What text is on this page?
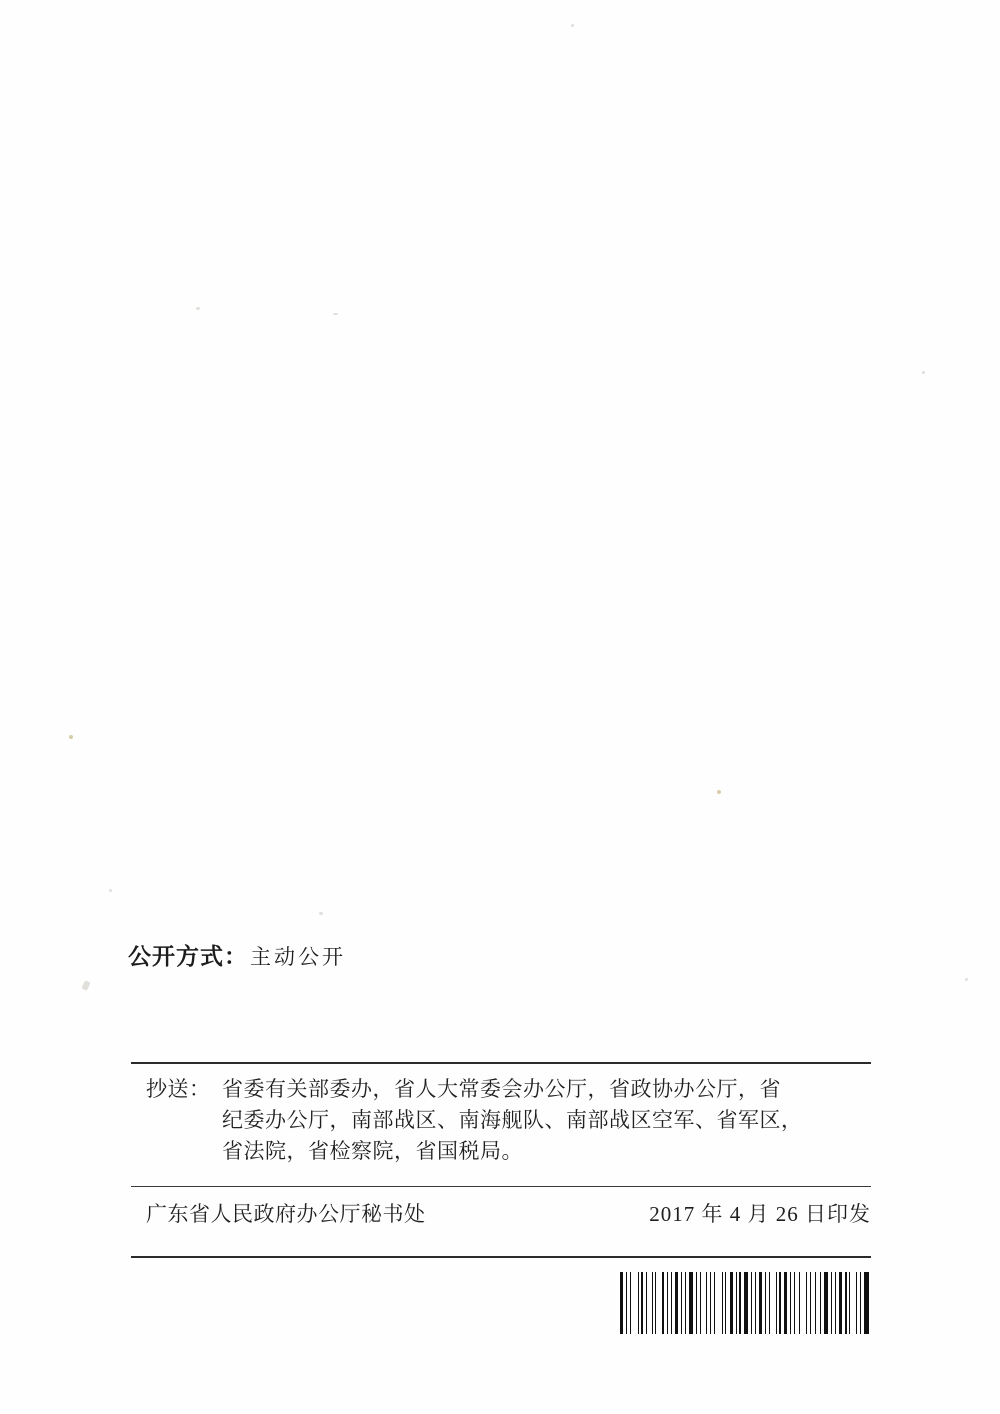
公开方式：主动公开
抄送： 省委有关部委办，省人大常委会办公厅，省政协办公厅，省
纪委办公厅，南部战区、南海舰队、南部战区空军、省军区，
省法院，省检察院，省国税局。
广东省人民政府办公厅秘书处	2017 年 4 月 26 日印发
